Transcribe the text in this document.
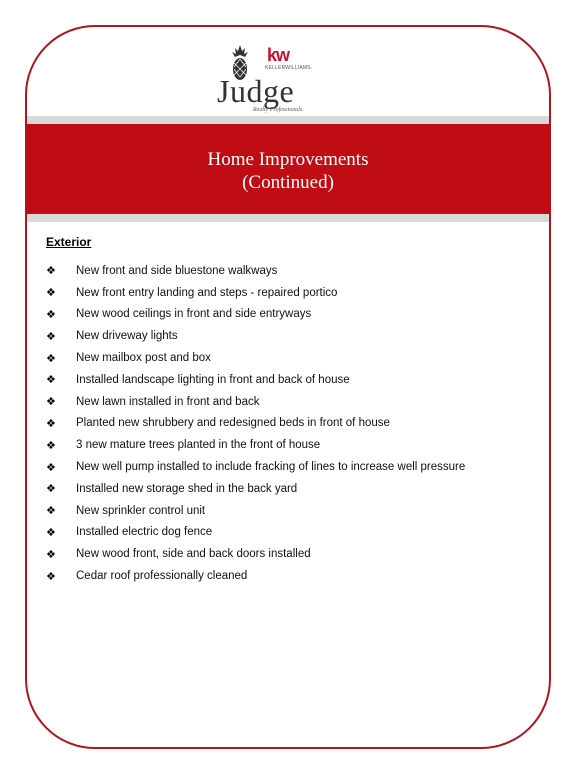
kw
KELLERWILLIAMS.
Judge
Realty Professionals
Home Improvements
(Continued)
Exterior
❖	New front and side bluestone walkways
❖	New front entry landing and steps - repaired portico
❖	New wood ceilings in front and side entryways
❖	New driveway lights
❖	New mailbox post and box
❖	Installed landscape lighting in front and back of house
❖	New lawn installed in front and back
❖	Planted new shrubbery and redesigned beds in front of house
❖	3 new mature trees planted in the front of house
❖	New well pump installed to include fracking of lines to increase well pressure
❖	Installed new storage shed in the back yard
❖	New sprinkler control unit
❖	Installed electric dog fence
❖	New wood front, side and back doors installed
❖	Cedar roof professionally cleaned
